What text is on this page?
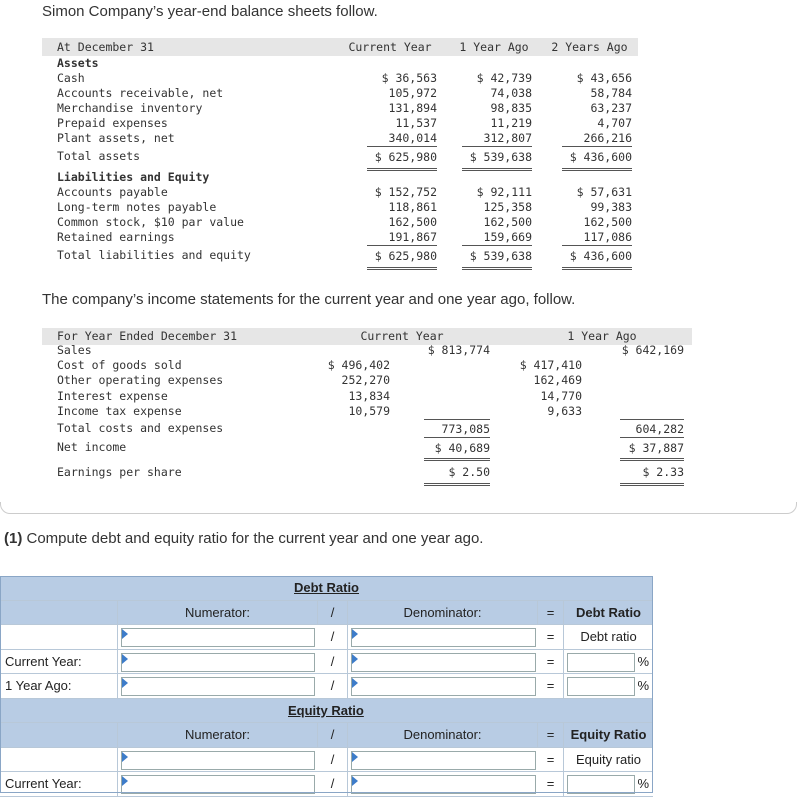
Simon Company’s year-end balance sheets follow.
At December 31	Current Year	1 Year Ago	2 Years Ago
Assets
Cash	$ 36,563	$ 42,739	$ 43,656
Accounts receivable, net	105,972	74,038	58,784
Merchandise inventory	131,894	98,835	63,237
Prepaid expenses	11,537	11,219	4,707
Plant assets, net	340,014	312,807	266,216
Total assets	$ 625,980	$ 539,638	$ 436,600
Liabilities and Equity
Accounts payable	$ 152,752	$ 92,111	$ 57,631
Long-term notes payable	118,861	125,358	99,383
Common stock, $10 par value	162,500	162,500	162,500
Retained earnings	191,867	159,669	117,086
Total liabilities and equity	$ 625,980	$ 539,638	$ 436,600
The company’s income statements for the current year and one year ago, follow.
For Year Ended December 31	Current Year	1 Year Ago
Sales	$ 813,774	$ 642,169
Cost of goods sold	$ 496,402	$ 417,410
Other operating expenses	252,270	162,469
Interest expense	13,834	14,770
Income tax expense	10,579	9,633
Total costs and expenses	773,085	604,282
Net income	$ 40,689	$ 37,887
Earnings per share	$ 2.50	$ 2.33
(1) Compute debt and equity ratio for the current year and one year ago.
Debt Ratio
Numerator:	/	Denominator:	=	Debt Ratio
/	=	Debt ratio
Current Year:	/	=	%
1 Year Ago:	/	=	%
Equity Ratio
Numerator:	/	Denominator:	=	Equity Ratio
/	=	Equity ratio
Current Year:	/	=	%
